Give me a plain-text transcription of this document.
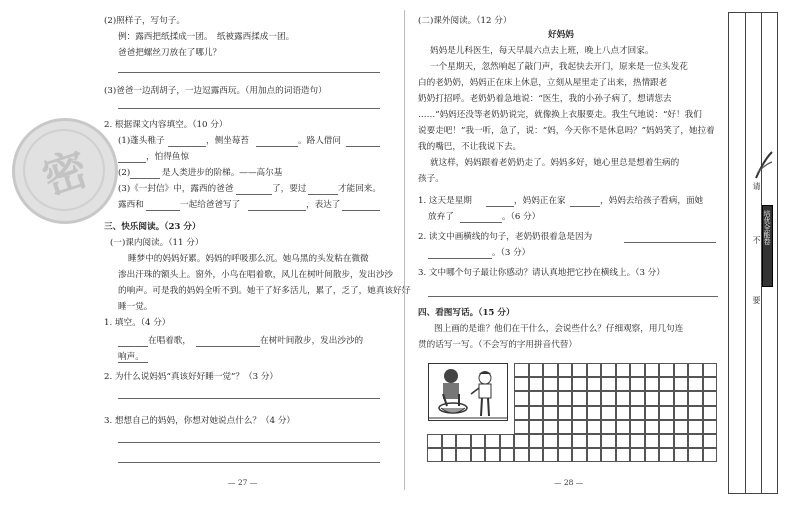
密
(2)照样子，写句子。
例：露西把纸揉成一团。　纸被露西揉成一团。
爸爸把螺丝刀放在了哪儿？
(3)爸爸一边刮胡子，一边逗露西玩。（用加点的词语造句）
2. 根据课文内容填空。（10 分）
(1)蓬头稚子	，侧坐莓苔	。路人借问
，怕得鱼惊
(2)	是人类进步的阶梯。——高尔基
(3)《一封信》中，露西的爸爸	了，要过	才能回来。
露西和	一起给爸爸写了	，表达了
三、快乐阅读。（23 分）
(一)课内阅读。（11 分）
睡梦中的妈妈好累。妈妈的呼吸那么沉。她乌黑的头发粘在微微
渗出汗珠的额头上。窗外，小鸟在唱着歌，风儿在树叶间散步，发出沙沙
的响声。可是我的妈妈全听不到。她干了好多活儿，累了，乏了，她真该好好
睡一觉。
1. 填空。（4 分）
在唱着歌，	在树叶间散步，发出沙沙的
响声。
2. 为什么说妈妈“真该好好睡一觉”？（3 分）
3. 想想自己的妈妈，你想对她说点什么？（4 分）
— 27 —
(二)课外阅读。（12 分）
好妈妈
妈妈是儿科医生，每天早晨六点去上班，晚上八点才回家。
一个星期天，忽然响起了敲门声，我起快去开门，原来是一位头发花
白的老奶奶，妈妈正在床上休息，立刻从屋里走了出来，热情跟老
奶奶打招呼。老奶奶着急地说：“医生，我的小孙子病了，想请您去
……”妈妈还没等老奶奶说完，就像换上衣服要走。我生气地说：“好！我们
说要走吧！”我一听，急了，说：“妈，今天你不是休息吗？”妈妈笑了，她拉着
我的嘴巴，不让我说下去。
就这样，妈妈跟着老奶奶走了。妈妈多好，她心里总是想着生病的
孩子。
1. 这天是星期	，妈妈正在家	，妈妈去给孩子看病，面她
放弃了	。（6 分）
2. 读文中画横线的句子，老奶奶很着急是因为
。（3 分）
3. 文中哪个句子最让你感动？请认真地把它抄在横线上。（3 分）
四、看图写话。（15 分）
图上画的是谁？他们在干什么，会说些什么？仔细观察，用几句连
贯的话写一写。（不会写的字用拼音代替）
— 28 —
请
不
要
培优全能卷
